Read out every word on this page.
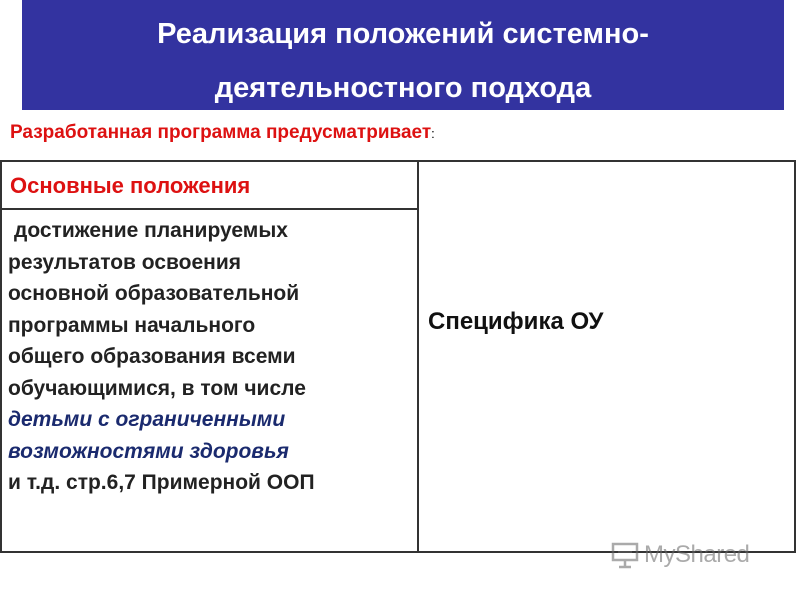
Реализация положений системно-
деятельностного подхода
Разработанная программа предусматривает:
Основные положения
достижение планируемых
результатов освоения
основной образовательной
программы начального
общего образования всеми
обучающимися, в том числе
детьми с ограниченными
возможностями здоровья
и т.д. стр.6,7 Примерной ООП
Специфика ОУ
MyShared
